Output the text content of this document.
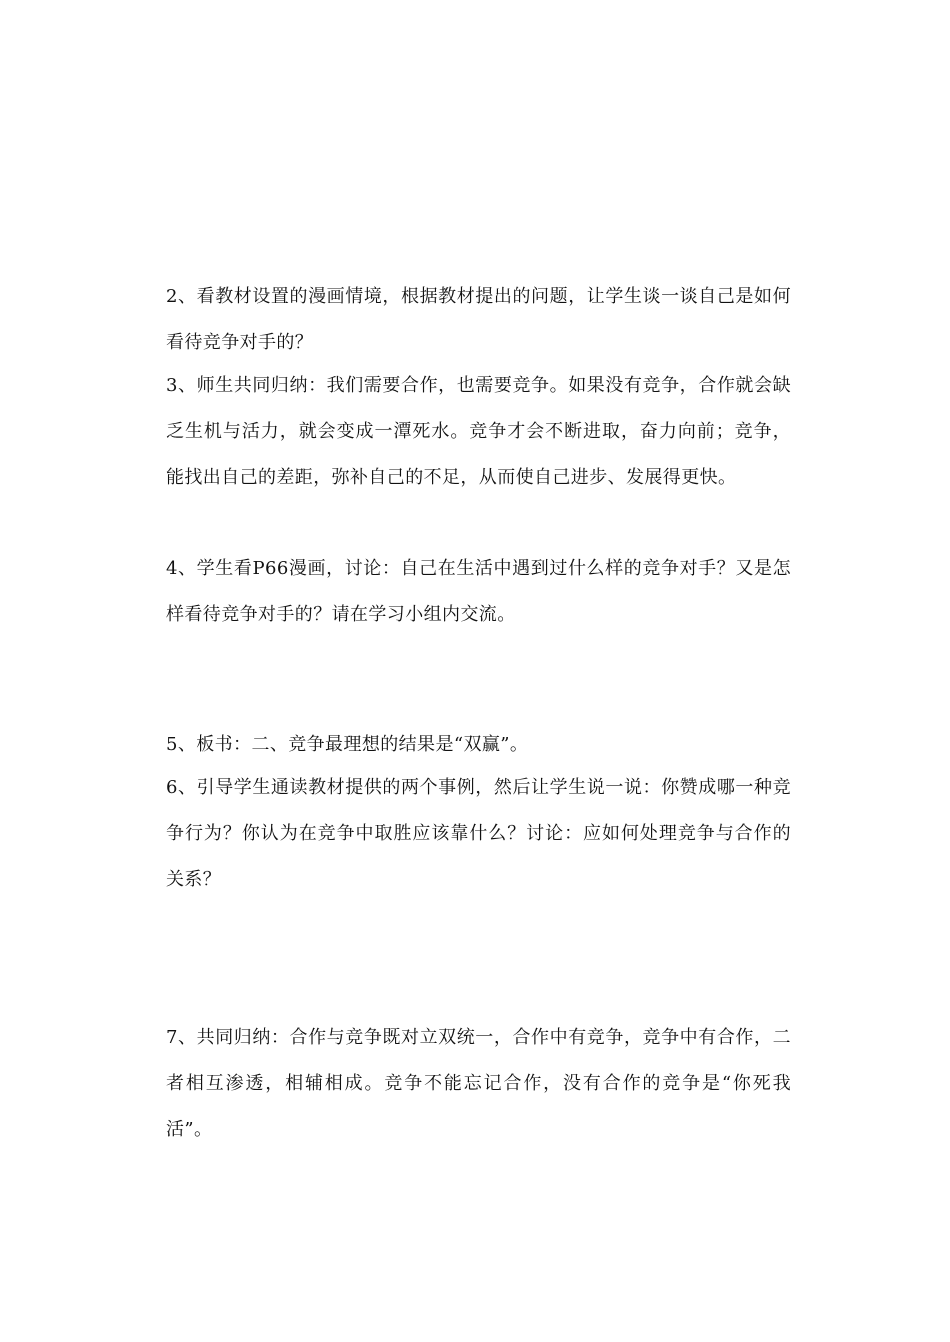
2、看教材设置的漫画情境，根据教材提出的问题，让学生谈一谈自己是如何看待竞争对手的？

3、师生共同归纳：我们需要合作，也需要竞争。如果没有竞争，合作就会缺乏生机与活力，就会变成一潭死水。竞争才会不断进取，奋力向前；竞争，能找出自己的差距，弥补自己的不足，从而使自己进步、发展得更快。

4、学生看P66漫画，讨论：自己在生活中遇到过什么样的竞争对手？又是怎样看待竞争对手的？请在学习小组内交流。

5、板书：二、竞争最理想的结果是“双赢”。

6、引导学生通读教材提供的两个事例，然后让学生说一说：你赞成哪一种竞争行为？你认为在竞争中取胜应该靠什么？讨论：应如何处理竞争与合作的关系？

7、共同归纳：合作与竞争既对立双统一，合作中有竞争，竞争中有合作，二者相互渗透，相辅相成。竞争不能忘记合作，没有合作的竞争是“你死我活”。
